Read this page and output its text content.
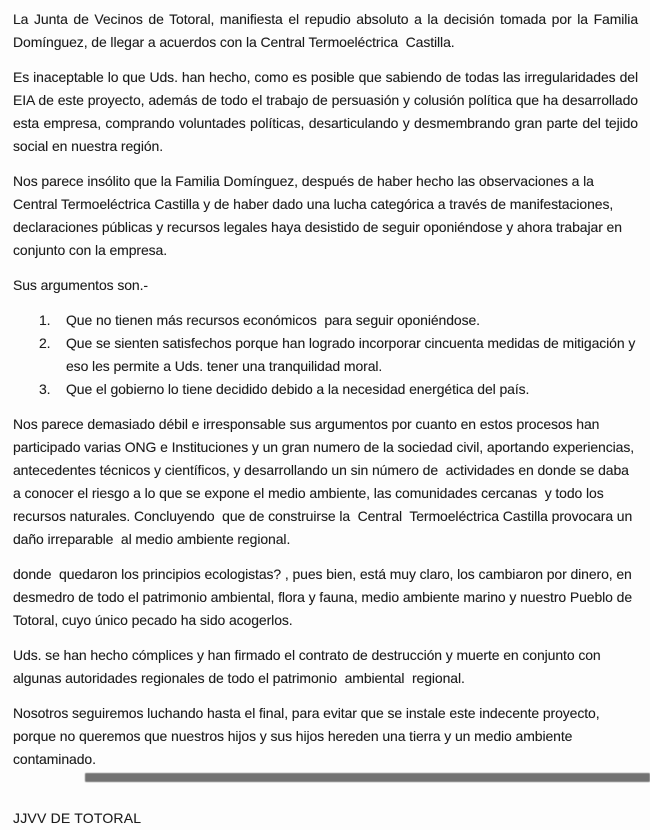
La Junta de Vecinos de Totoral, manifiesta el repudio absoluto a la decisión tomada por la Familia Domínguez, de llegar a acuerdos con la Central Termoeléctrica  Castilla.

Es inaceptable lo que Uds. han hecho, como es posible que sabiendo de todas las irregularidades del EIA de este proyecto, además de todo el trabajo de persuasión y colusión política que ha desarrollado esta empresa, comprando voluntades políticas, desarticulando y desmembrando gran parte del tejido social en nuestra región.

Nos parece insólito que la Familia Domínguez, después de haber hecho las observaciones a la Central Termoeléctrica Castilla y de haber dado una lucha categórica a través de manifestaciones, declaraciones públicas y recursos legales haya desistido de seguir oponiéndose y ahora trabajar en conjunto con la empresa.

Sus argumentos son.-

1.	Que no tienen más recursos económicos  para seguir oponiéndose.
2.	Que se sienten satisfechos porque han logrado incorporar cincuenta medidas de mitigación y eso les permite a Uds. tener una tranquilidad moral.
3.	Que el gobierno lo tiene decidido debido a la necesidad energética del país.

Nos parece demasiado débil e irresponsable sus argumentos por cuanto en estos procesos han participado varias ONG e Instituciones y un gran numero de la sociedad civil, aportando experiencias, antecedentes técnicos y científicos, y desarrollando un sin número de  actividades en donde se daba a conocer el riesgo a lo que se expone el medio ambiente, las comunidades cercanas  y todo los recursos naturales. Concluyendo  que de construirse la  Central  Termoeléctrica Castilla provocara un daño irreparable  al medio ambiente regional.

donde  quedaron los principios ecologistas? , pues bien, está muy claro, los cambiaron por dinero, en desmedro de todo el patrimonio ambiental, flora y fauna, medio ambiente marino y nuestro Pueblo de Totoral, cuyo único pecado ha sido acogerlos.

Uds. se han hecho cómplices y han firmado el contrato de destrucción y muerte en conjunto con algunas autoridades regionales de todo el patrimonio  ambiental  regional.

Nosotros seguiremos luchando hasta el final, para evitar que se instale este indecente proyecto, porque no queremos que nuestros hijos y sus hijos hereden una tierra y un medio ambiente contaminado.

JJVV DE TOTORAL
